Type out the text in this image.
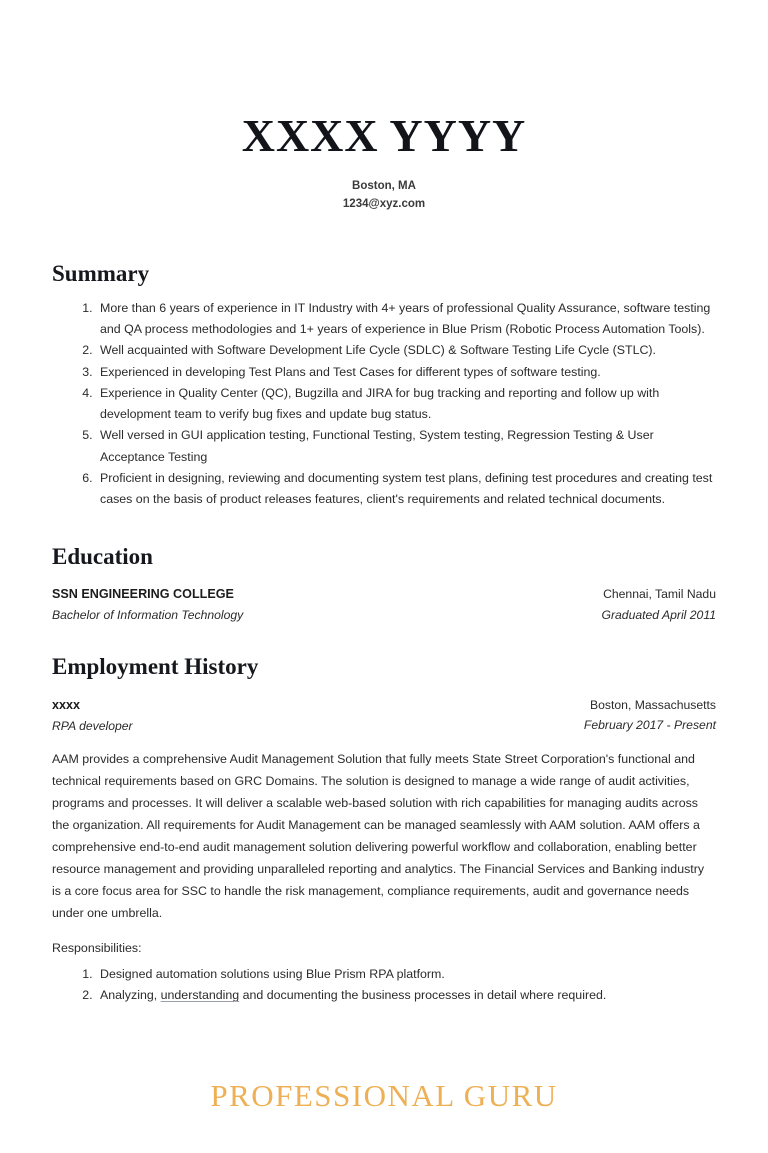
XXXX YYYY

Boston, MA

1234@xyz.com

Summary
1. More than 6 years of experience in IT Industry with 4+ years of professional Quality Assurance, software testing and QA process methodologies and 1+ years of experience in Blue Prism (Robotic Process Automation Tools).
2. Well acquainted with Software Development Life Cycle (SDLC) & Software Testing Life Cycle (STLC).
3. Experienced in developing Test Plans and Test Cases for different types of software testing.
4. Experience in Quality Center (QC), Bugzilla and JIRA for bug tracking and reporting and follow up with development team to verify bug fixes and update bug status.
5. Well versed in GUI application testing, Functional Testing, System testing, Regression Testing & User Acceptance Testing
6. Proficient in designing, reviewing and documenting system test plans, defining test procedures and creating test cases on the basis of product releases features, client's requirements and related technical documents.
Education
SSN ENGINEERING COLLEGE
Bachelor of Information Technology
Chennai, Tamil Nadu
Graduated April 2011
Employment History
xxxx
RPA developer
Boston, Massachusetts
February 2017 - Present

AAM provides a comprehensive Audit Management Solution that fully meets State Street Corporation's functional and technical requirements based on GRC Domains. The solution is designed to manage a wide range of audit activities, programs and processes. It will deliver a scalable web-based solution with rich capabilities for managing audits across the organization. All requirements for Audit Management can be managed seamlessly with AAM solution. AAM offers a comprehensive end-to-end audit management solution delivering powerful workflow and collaboration, enabling better resource management and providing unparalleled reporting and analytics. The Financial Services and Banking industry is a core focus area for SSC to handle the risk management, compliance requirements, audit and governance needs under one umbrella.

Responsibilities:

1. Designed automation solutions using Blue Prism RPA platform.
2. Analyzing, understanding and documenting the business processes in detail where required.
PROFESSIONAL GURU
